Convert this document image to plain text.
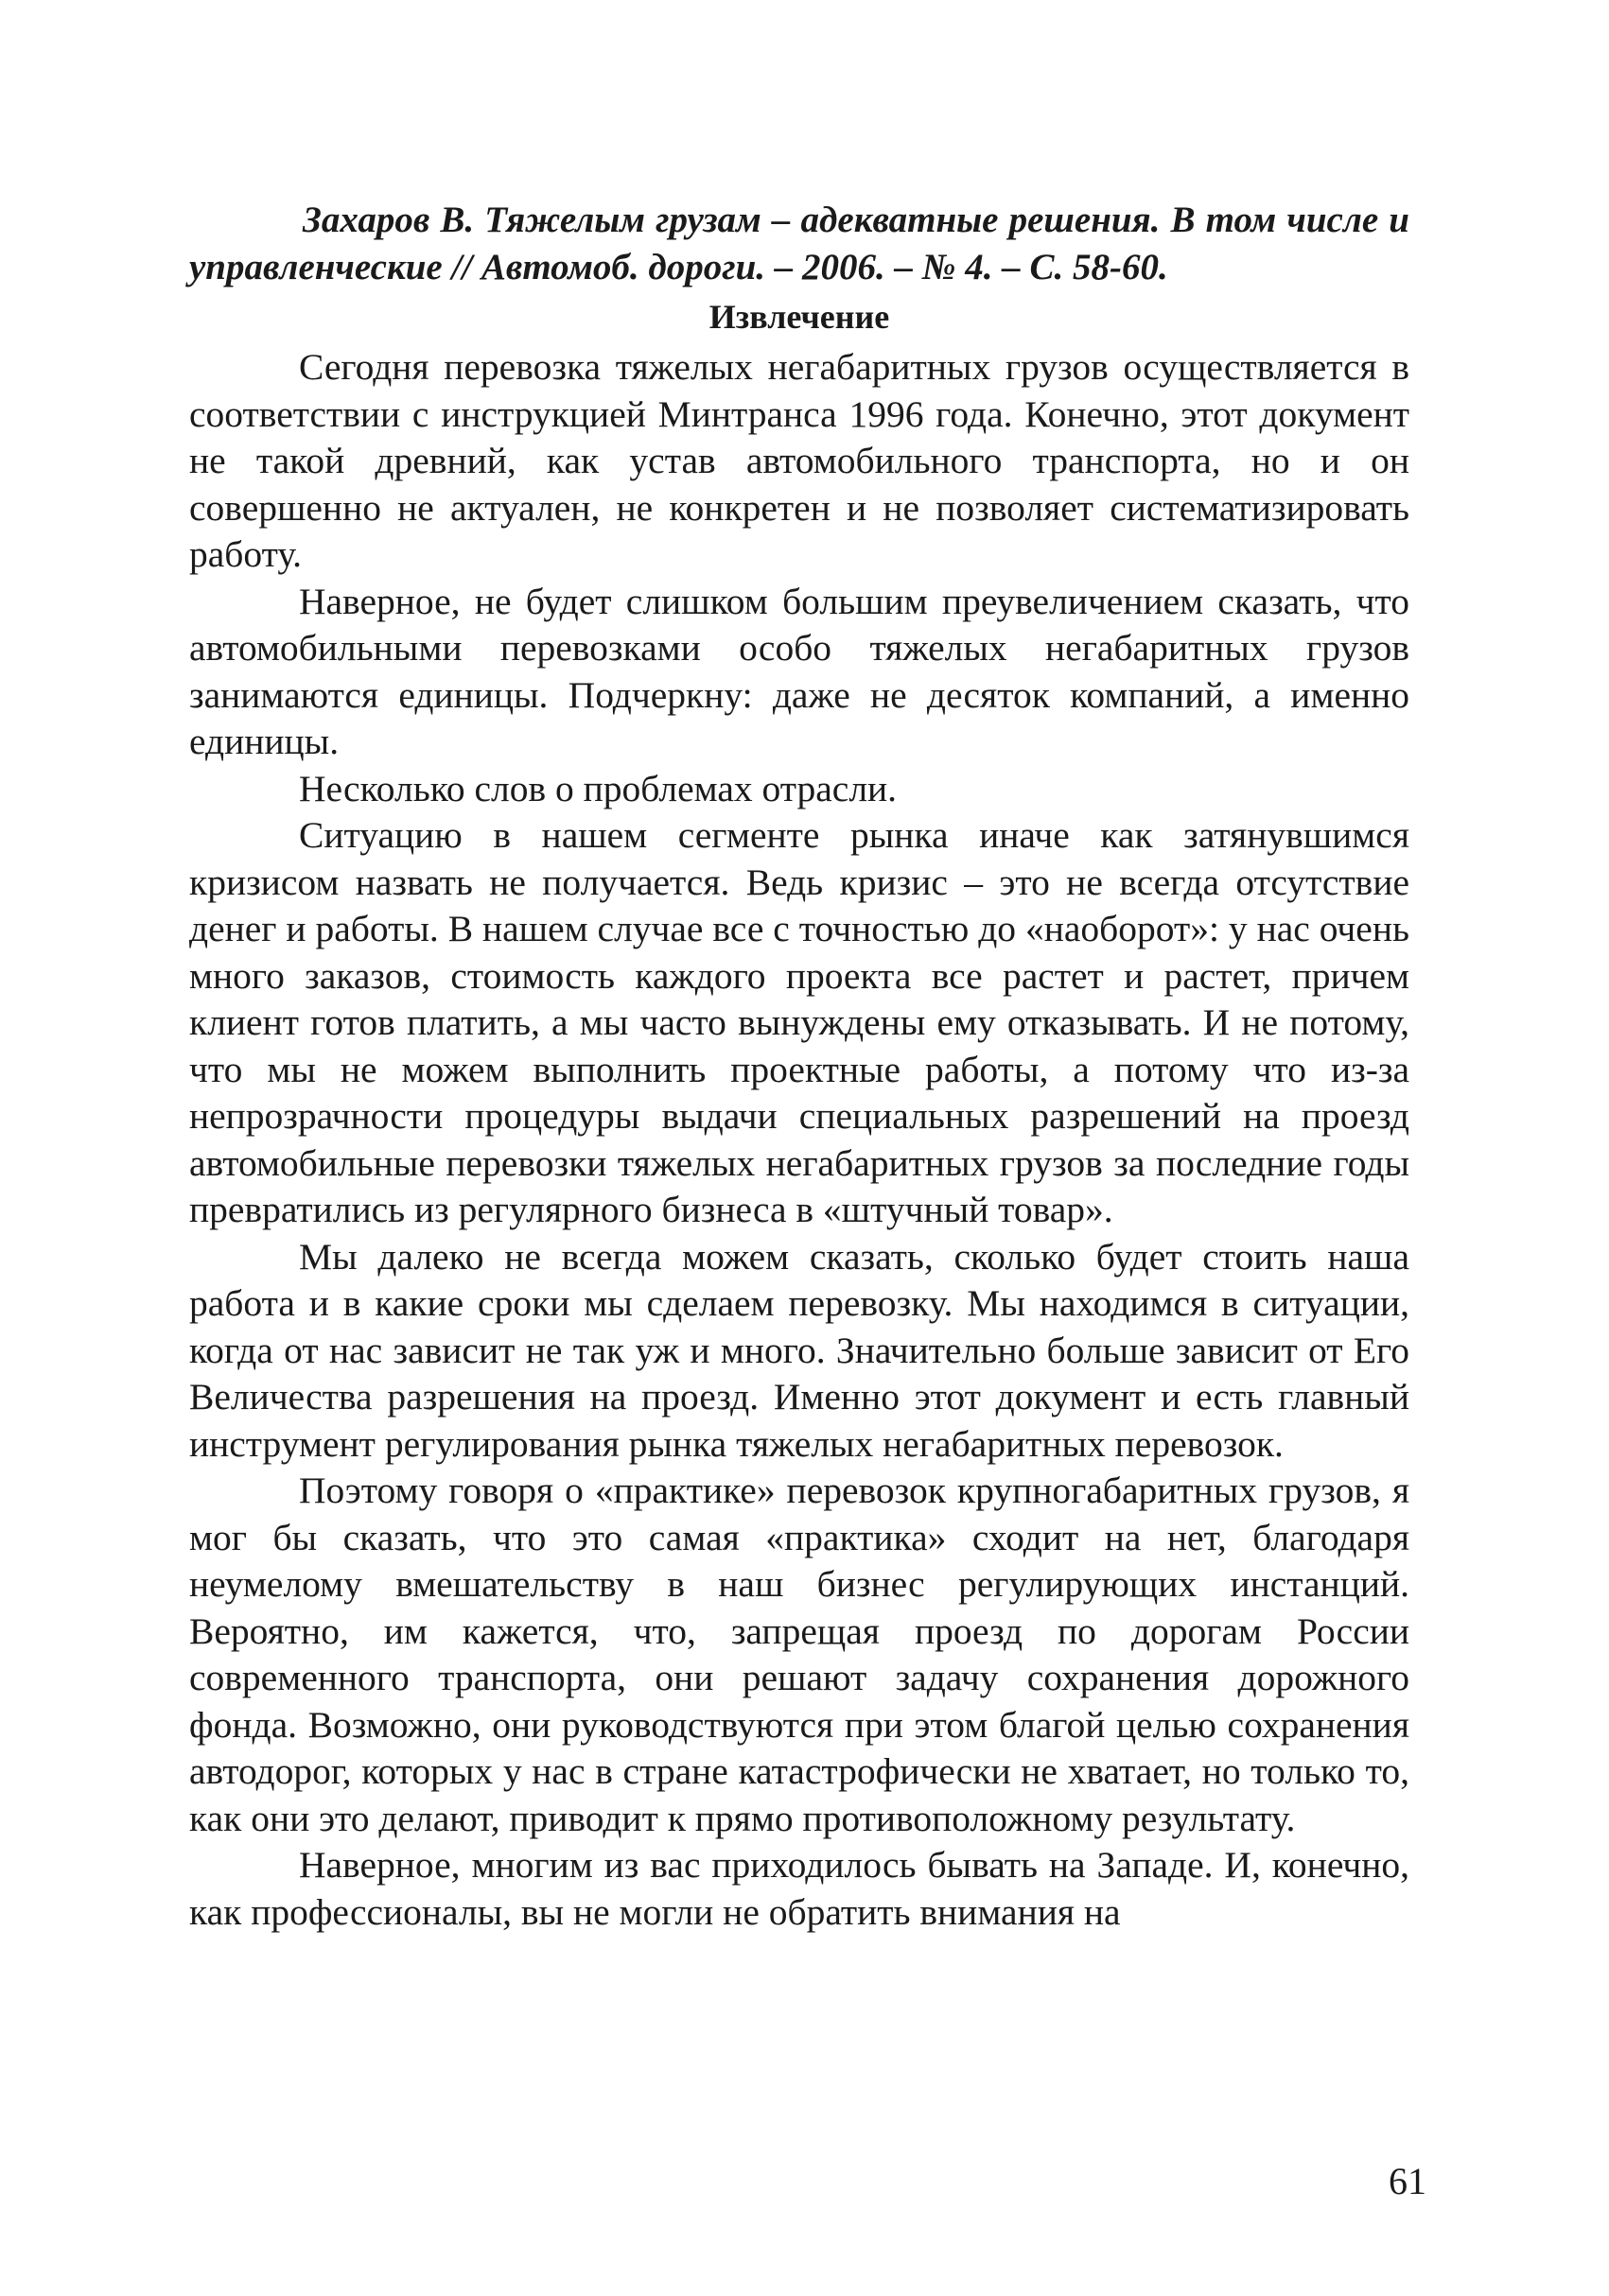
Захаров В. Тяжелым грузам – адекватные решения. В том числе и управленческие // Автомоб. дороги. – 2006. – № 4. – С. 58-60.

Извлечение

Сегодня перевозка тяжелых негабаритных грузов осуществляется в соответствии с инструкцией Минтранса 1996 года. Конечно, этот документ не такой древний, как устав автомобильного транспорта, но и он совершенно не актуален, не конкретен и не позволяет систематизировать работу.

Наверное, не будет слишком большим преувеличением сказать, что автомобильными перевозками особо тяжелых негабаритных грузов занимаются единицы. Подчеркну: даже не десяток компаний, а именно единицы.

Несколько слов о проблемах отрасли.

Ситуацию в нашем сегменте рынка иначе как затянувшимся кризисом назвать не получается. Ведь кризис – это не всегда отсутствие денег и работы. В нашем случае все с точностью до «наоборот»: у нас очень много заказов, стоимость каждого проекта все растет и растет, причем клиент готов платить, а мы часто вынуждены ему отказывать. И не потому, что мы не можем выполнить проектные работы, а потому что из-за непрозрачности процедуры выдачи специальных разрешений на проезд автомобильные перевозки тяжелых негабаритных грузов за последние годы превратились из регулярного бизнеса в «штучный товар».

Мы далеко не всегда можем сказать, сколько будет стоить наша работа и в какие сроки мы сделаем перевозку. Мы находимся в ситуации, когда от нас зависит не так уж и много. Значительно больше зависит от Его Величества разрешения на проезд. Именно этот документ и есть главный инструмент регулирования рынка тяжелых негабаритных перевозок.

Поэтому говоря о «практике» перевозок крупногабаритных грузов, я мог бы сказать, что это самая «практика» сходит на нет, благодаря неумелому вмешательству в наш бизнес регулирующих инстанций. Вероятно, им кажется, что, запрещая проезд по дорогам России современного транспорта, они решают задачу сохранения дорожного фонда. Возможно, они руководствуются при этом благой целью сохранения автодорог, которых у нас в стране катастрофически не хватает, но только то, как они это делают, приводит к прямо противоположному результату.

Наверное, многим из вас приходилось бывать на Западе. И, конечно, как профессионалы, вы не могли не обратить внимания на

61
